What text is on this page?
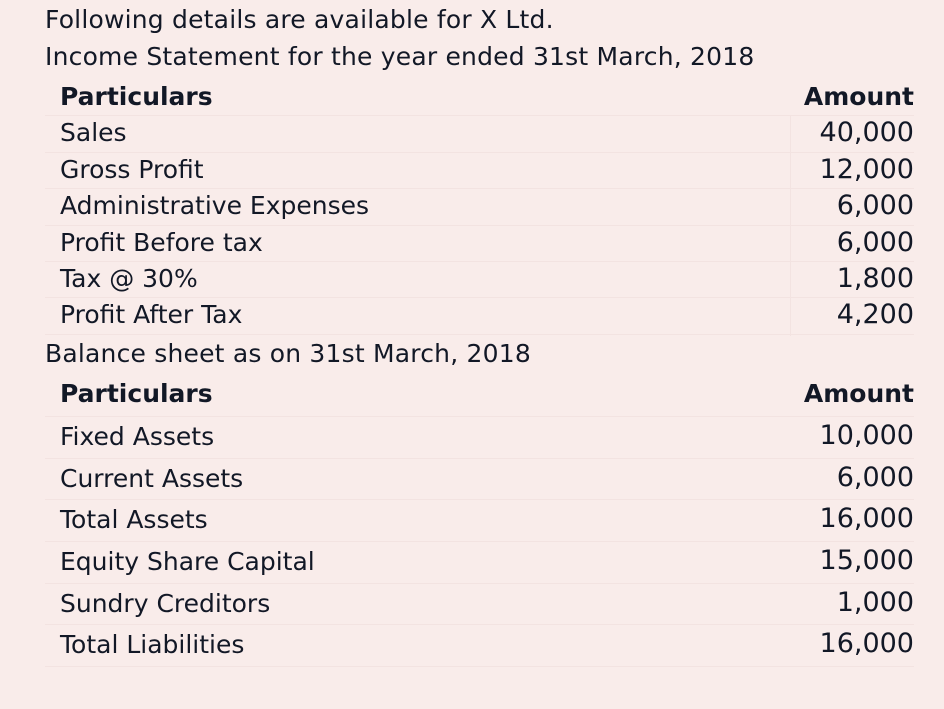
Following details are available for X Ltd.
Income Statement for the year ended 31st March, 2018
Particulars	Amount
Sales	40,000
Gross Profit	12,000
Administrative Expenses	6,000
Profit Before tax	6,000
Tax @ 30%	1,800
Profit After Tax	4,200
Balance sheet as on 31st March, 2018
Particulars	Amount
Fixed Assets	10,000
Current Assets	6,000
Total Assets	16,000
Equity Share Capital	15,000
Sundry Creditors	1,000
Total Liabilities	16,000
